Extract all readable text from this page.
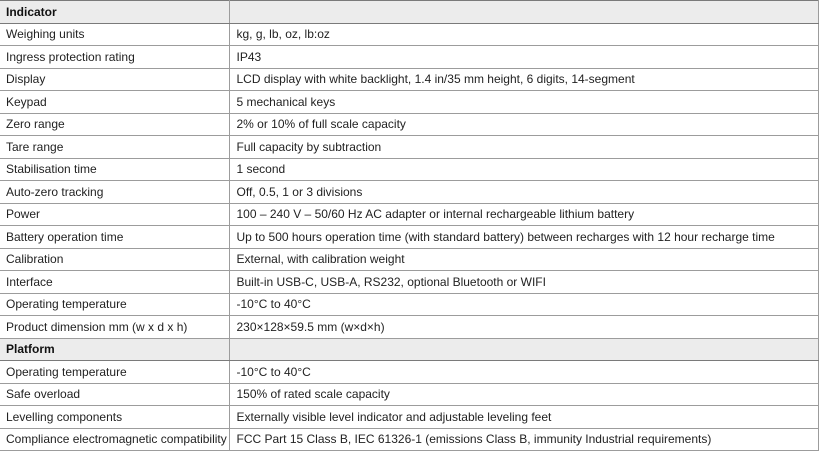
Indicator	
Weighing units	kg, g, lb, oz, lb:oz
Ingress protection rating	IP43
Display	LCD display with white backlight, 1.4 in/35 mm height, 6 digits, 14-segment
Keypad	5 mechanical keys
Zero range	2% or 10% of full scale capacity
Tare range	Full capacity by subtraction
Stabilisation time	1 second
Auto-zero tracking	Off, 0.5, 1 or 3 divisions
Power	100 – 240 V – 50/60 Hz AC adapter or internal rechargeable lithium battery
Battery operation time	Up to 500 hours operation time (with standard battery) between recharges with 12 hour recharge time
Calibration	External, with calibration weight
Interface	Built-in USB-C, USB-A, RS232, optional Bluetooth or WIFI
Operating temperature	-10°C to 40°C
Product dimension mm (w x d x h)	230×128×59.5 mm (w×d×h)
Platform	
Operating temperature	-10°C to 40°C
Safe overload	150% of rated scale capacity
Levelling components	Externally visible level indicator and adjustable leveling feet
Compliance electromagnetic compatibility	FCC Part 15 Class B, IEC 61326-1 (emissions Class B, immunity Industrial requirements)
